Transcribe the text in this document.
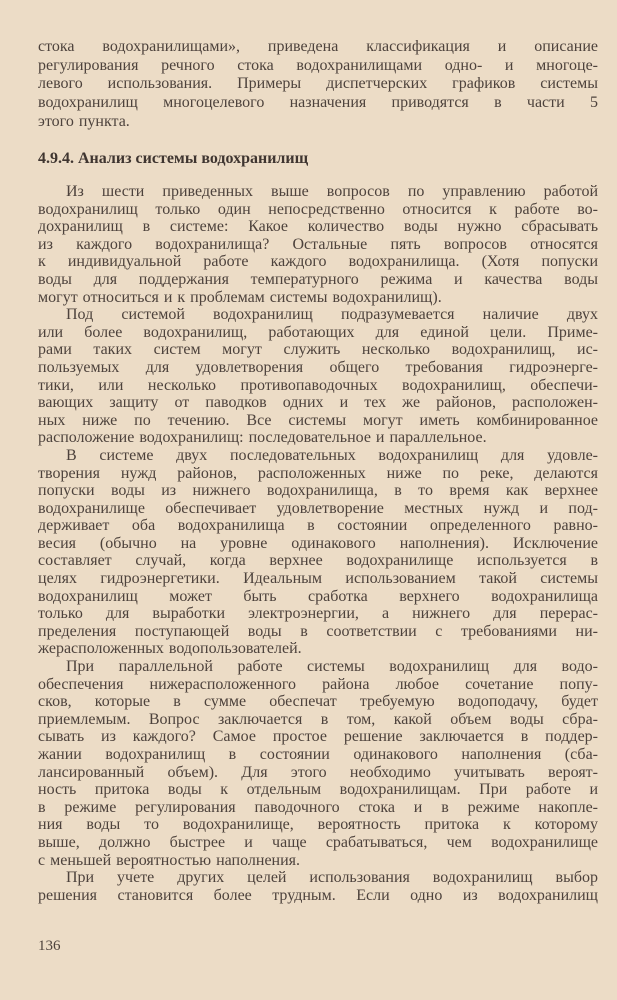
стока водохранилищами», приведена классификация и описание
регулирования речного стока водохранилищами одно- и многоце-
левого использования. Примеры диспетчерских графиков системы
водохранилищ многоцелевого назначения приводятся в части 5
этого пункта.
4.9.4. Анализ системы водохранилищ
Из шести приведенных выше вопросов по управлению работой
водохранилищ только один непосредственно относится к работе во-
дохранилищ в системе: Какое количество воды нужно сбрасывать
из каждого водохранилища? Остальные пять вопросов относятся
к индивидуальной работе каждого водохранилища. (Хотя попуски
воды для поддержания температурного режима и качества воды
могут относиться и к проблемам системы водохранилищ).
Под системой водохранилищ подразумевается наличие двух
или более водохранилищ, работающих для единой цели. Приме-
рами таких систем могут служить несколько водохранилищ, ис-
пользуемых для удовлетворения общего требования гидроэнерге-
тики, или несколько противопаводочных водохранилищ, обеспечи-
вающих защиту от паводков одних и тех же районов, расположен-
ных ниже по течению. Все системы могут иметь комбинированное
расположение водохранилищ: последовательное и параллельное.
В системе двух последовательных водохранилищ для удовле-
творения нужд районов, расположенных ниже по реке, делаются
попуски воды из нижнего водохранилища, в то время как верхнее
водохранилище обеспечивает удовлетворение местных нужд и под-
держивает оба водохранилища в состоянии определенного равно-
весия (обычно на уровне одинакового наполнения). Исключение
составляет случай, когда верхнее водохранилище используется в
целях гидроэнергетики. Идеальным использованием такой системы
водохранилищ может быть сработка верхнего водохранилища
только для выработки электроэнергии, а нижнего для перерас-
пределения поступающей воды в соответствии с требованиями ни-
жерасположенных водопользователей.
При параллельной работе системы водохранилищ для водо-
обеспечения нижерасположенного района любое сочетание попу-
сков, которые в сумме обеспечат требуемую водоподачу, будет
приемлемым. Вопрос заключается в том, какой объем воды сбра-
сывать из каждого? Самое простое решение заключается в поддер-
жании водохранилищ в состоянии одинакового наполнения (сба-
лансированный объем). Для этого необходимо учитывать вероят-
ность притока воды к отдельным водохранилищам. При работе и
в режиме регулирования паводочного стока и в режиме накопле-
ния воды то водохранилище, вероятность притока к которому
выше, должно быстрее и чаще срабатываться, чем водохранилище
с меньшей вероятностью наполнения.
При учете других целей использования водохранилищ выбор
решения становится более трудным. Если одно из водохранилищ
136
